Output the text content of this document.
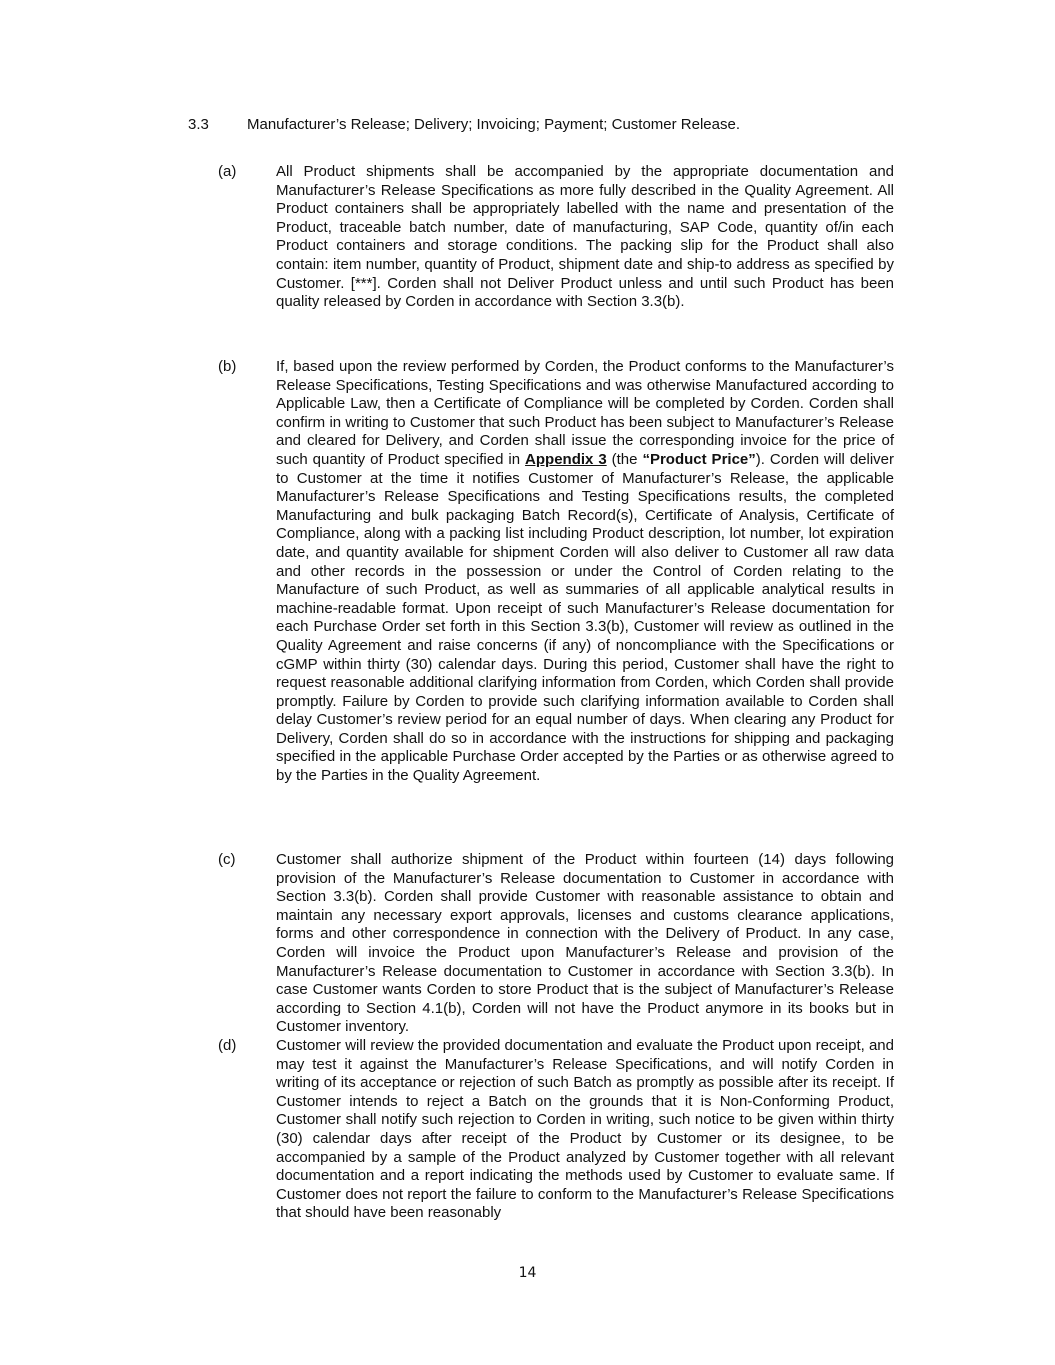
3.3	Manufacturer’s Release; Delivery; Invoicing; Payment; Customer Release.
(a)	All Product shipments shall be accompanied by the appropriate documentation and Manufacturer’s Release Specifications as more fully described in the Quality Agreement. All Product containers shall be appropriately labelled with the name and presentation of the Product, traceable batch number, date of manufacturing, SAP Code, quantity of/in each Product containers and storage conditions. The packing slip for the Product shall also contain: item number, quantity of Product, shipment date and ship-to address as specified by Customer. [***]. Corden shall not Deliver Product unless and until such Product has been quality released by Corden in accordance with Section 3.3(b).
(b)	If, based upon the review performed by Corden, the Product conforms to the Manufacturer’s Release Specifications, Testing Specifications and was otherwise Manufactured according to Applicable Law, then a Certificate of Compliance will be completed by Corden. Corden shall confirm in writing to Customer that such Product has been subject to Manufacturer’s Release and cleared for Delivery, and Corden shall issue the corresponding invoice for the price of such quantity of Product specified in Appendix 3 (the “Product Price”). Corden will deliver to Customer at the time it notifies Customer of Manufacturer’s Release, the applicable Manufacturer’s Release Specifications and Testing Specifications results, the completed Manufacturing and bulk packaging Batch Record(s), Certificate of Analysis, Certificate of Compliance, along with a packing list including Product description, lot number, lot expiration date, and quantity available for shipment Corden will also deliver to Customer all raw data and other records in the possession or under the Control of Corden relating to the Manufacture of such Product, as well as summaries of all applicable analytical results in machine-readable format. Upon receipt of such Manufacturer’s Release documentation for each Purchase Order set forth in this Section 3.3(b), Customer will review as outlined in the Quality Agreement and raise concerns (if any) of noncompliance with the Specifications or cGMP within thirty (30) calendar days. During this period, Customer shall have the right to request reasonable additional clarifying information from Corden, which Corden shall provide promptly. Failure by Corden to provide such clarifying information available to Corden shall delay Customer’s review period for an equal number of days. When clearing any Product for Delivery, Corden shall do so in accordance with the instructions for shipping and packaging specified in the applicable Purchase Order accepted by the Parties or as otherwise agreed to by the Parties in the Quality Agreement.
(c)	Customer shall authorize shipment of the Product within fourteen (14) days following provision of the Manufacturer’s Release documentation to Customer in accordance with Section 3.3(b). Corden shall provide Customer with reasonable assistance to obtain and maintain any necessary export approvals, licenses and customs clearance applications, forms and other correspondence in connection with the Delivery of Product. In any case, Corden will invoice the Product upon Manufacturer’s Release and provision of the Manufacturer’s Release documentation to Customer in accordance with Section 3.3(b). In case Customer wants Corden to store Product that is the subject of Manufacturer’s Release according to Section 4.1(b), Corden will not have the Product anymore in its books but in Customer inventory.
(d)	Customer will review the provided documentation and evaluate the Product upon receipt, and may test it against the Manufacturer’s Release Specifications, and will notify Corden in writing of its acceptance or rejection of such Batch as promptly as possible after its receipt. If Customer intends to reject a Batch on the grounds that it is Non-Conforming Product, Customer shall notify such rejection to Corden in writing, such notice to be given within thirty (30) calendar days after receipt of the Product by Customer or its designee, to be accompanied by a sample of the Product analyzed by Customer together with all relevant documentation and a report indicating the methods used by Customer to evaluate same. If Customer does not report the failure to conform to the Manufacturer’s Release Specifications that should have been reasonably
14
